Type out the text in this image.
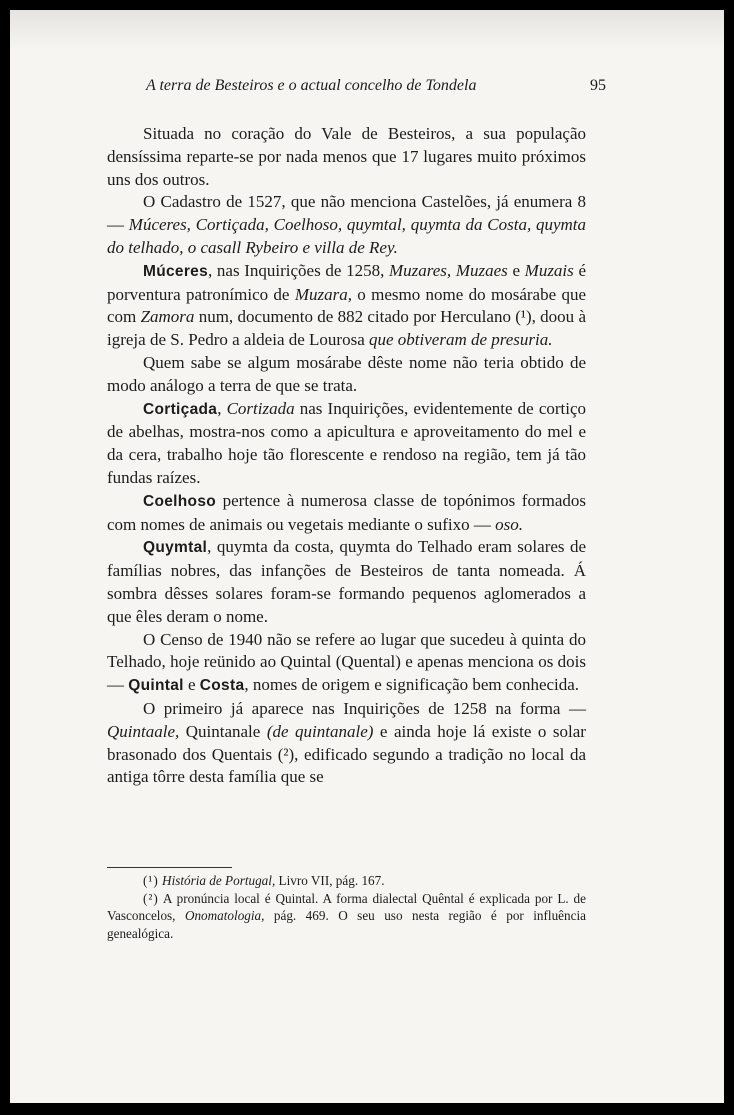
A terra de Besteiros e o actual concelho de Tondela	95

Situada no coração do Vale de Besteiros, a sua população densíssima reparte-se por nada menos que 17 lugares muito próximos uns dos outros.

O Cadastro de 1527, que não menciona Castelões, já enumera 8 — Múceres, Cortiçada, Coelhoso, quymtal, quymta da Costa, quymta do telhado, o casall Rybeiro e villa de Rey.

Múceres, nas Inquirições de 1258, Muzares, Muzaes e Muzais é porventura patronímico de Muzara, o mesmo nome do mosárabe que com Zamora num, documento de 882 citado por Herculano (¹), doou à igreja de S. Pedro a aldeia de Lourosa que obtiveram de presuria.

Quem sabe se algum mosárabe dêste nome não teria obtido de modo análogo a terra de que se trata.

Cortiçada, Cortizada nas Inquirições, evidentemente de cortiço de abelhas, mostra-nos como a apicultura e aproveitamento do mel e da cera, trabalho hoje tão florescente e rendoso na região, tem já tão fundas raízes.

Coelhoso pertence à numerosa classe de topónimos formados com nomes de animais ou vegetais mediante o sufixo — oso.

Quymtal, quymta da costa, quymta do Telhado eram solares de famílias nobres, das infanções de Besteiros de tanta nomeada. Á sombra dêsses solares foram-se formando pequenos aglomerados a que êles deram o nome.

O Censo de 1940 não se refere ao lugar que sucedeu à quinta do Telhado, hoje reünido ao Quintal (Quental) e apenas menciona os dois— Quintal e Costa, nomes de origem e significação bem conhecida.

O primeiro já aparece nas Inquirições de 1258 na forma — Quintaale, Quintanale (de quintanale) e ainda hoje lá existe o solar brasonado dos Quentais (²), edificado segundo a tradição no local da antiga tôrre desta família que se

(¹) História de Portugal, Livro VII, pág. 167.

(²) A pronúncia local é Quintal. A forma dialectal Quêntal é explicada por L. de Vasconcelos, Onomatologia, pág. 469. O seu uso nesta região é por influência genealógica.
